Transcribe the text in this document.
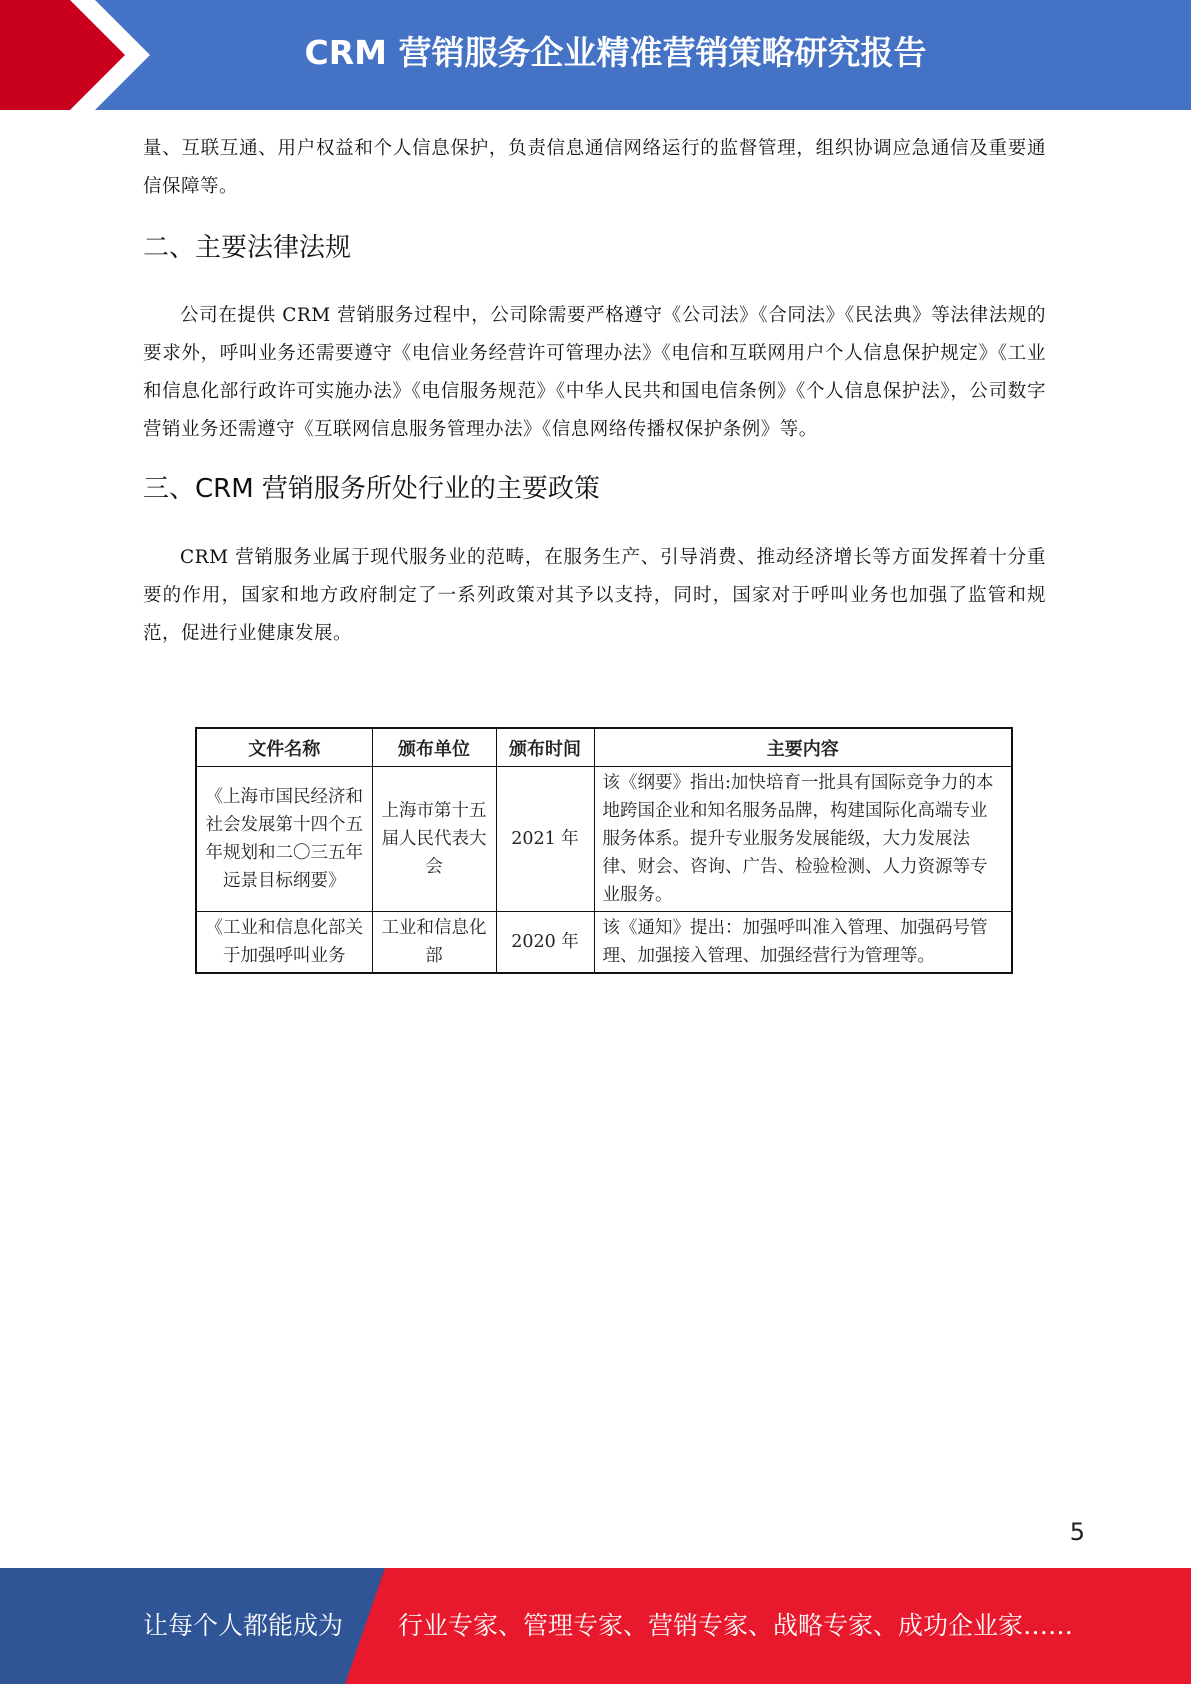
CRM 营销服务企业精准营销策略研究报告

量、互联互通、用户权益和个人信息保护，负责信息通信网络运行的监督管理，组织协调应急通信及重要通信保障等。

二、主要法律法规

公司在提供 CRM 营销服务过程中，公司除需要严格遵守《公司法》《合同法》《民法典》等法律法规的要求外，呼叫业务还需要遵守《电信业务经营许可管理办法》《电信和互联网用户个人信息保护规定》《工业和信息化部行政许可实施办法》《电信服务规范》《中华人民共和国电信条例》《个人信息保护法》，公司数字营销业务还需遵守《互联网信息服务管理办法》《信息网络传播权保护条例》等。

三、CRM 营销服务所处行业的主要政策

CRM 营销服务业属于现代服务业的范畴，在服务生产、引导消费、推动经济增长等方面发挥着十分重要的作用，国家和地方政府制定了一系列政策对其予以支持，同时，国家对于呼叫业务也加强了监管和规范，促进行业健康发展。

文件名称	颁布单位	颁布时间	主要内容
《上海市国民经济和社会发展第十四个五年规划和二〇三五年远景目标纲要》	上海市第十五届人民代表大会	2021 年	该《纲要》指出:加快培育一批具有国际竞争力的本地跨国企业和知名服务品牌，构建国际化高端专业服务体系。提升专业服务发展能级，大力发展法律、财会、咨询、广告、检验检测、人力资源等专业服务。

《工业和信息化部关于加强呼叫业务	工业和信息化部	2020 年	该《通知》提出：加强呼叫准入管理、加强码号管理、加强接入管理、加强经营行为管理等。
5
让每个人都能成为 行业专家、管理专家、营销专家、战略专家、成功企业家……
